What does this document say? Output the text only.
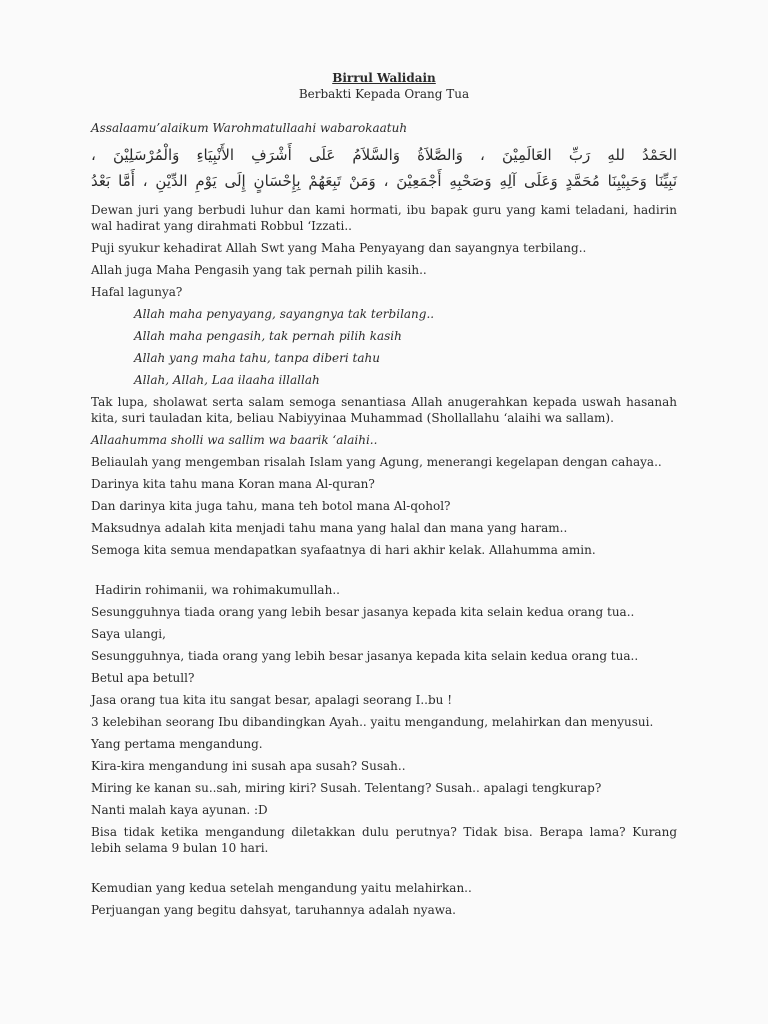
Birrul Walidain

Berbakti Kepada Orang Tua

Assalaamu’alaikum Warohmatullaahi wabarokaatuh

الحَمْدُ للهِ رَبِّ العَالَمِيْنَ ، وَالصَّلاَةُ وَالسَّلاَمُ عَلَى أَشْرَفِ الأَنْبِيَاءِ وَالْمُرْسَلِيْنَ ،

نَبِيِّنَا وَحَبِيْبِنَا مُحَمَّدٍ وَعَلَى آلِهِ وَصَحْبِهِ أَجْمَعِيْنَ ، وَمَنْ تَبِعَهُمْ بِإِحْسَانٍ إِلَى يَوْمِ الدِّيْنِ ، أَمَّا بَعْدُ

Dewan juri yang berbudi luhur dan kami hormati, ibu bapak guru yang kami teladani, hadirin wal hadirat yang dirahmati Robbul ‘Izzati..

Puji syukur kehadirat Allah Swt yang Maha Penyayang dan sayangnya terbilang..

Allah juga Maha Pengasih yang tak pernah pilih kasih..

Hafal lagunya?

Allah maha penyayang, sayangnya tak terbilang..

Allah maha pengasih, tak pernah pilih kasih

Allah yang maha tahu, tanpa diberi tahu

Allah, Allah, Laa ilaaha illallah

Tak lupa, sholawat serta salam semoga senantiasa Allah anugerahkan kepada uswah hasanah kita, suri tauladan kita, beliau Nabiyyinaa Muhammad (Shollallahu ‘alaihi wa sallam).

Allaahumma sholli wa sallim wa baarik ‘alaihi..

Beliaulah yang mengemban risalah Islam yang Agung, menerangi kegelapan dengan cahaya..

Darinya kita tahu mana Koran mana Al-quran?

Dan darinya kita juga tahu, mana teh botol mana Al-qohol?

Maksudnya adalah kita menjadi tahu mana yang halal dan mana yang haram..

Semoga kita semua mendapatkan syafaatnya di hari akhir kelak. Allahumma amin.

Hadirin rohimanii, wa rohimakumullah..

Sesungguhnya tiada orang yang lebih besar jasanya kepada kita selain kedua orang tua..

Saya ulangi,

Sesungguhnya, tiada orang yang lebih besar jasanya kepada kita selain kedua orang tua..

Betul apa betull?

Jasa orang tua kita itu sangat besar, apalagi seorang I..bu !

3 kelebihan seorang Ibu dibandingkan Ayah.. yaitu mengandung, melahirkan dan menyusui.

Yang pertama mengandung.

Kira-kira mengandung ini susah apa susah? Susah..

Miring ke kanan su..sah, miring kiri? Susah. Telentang? Susah.. apalagi tengkurap?

Nanti malah kaya ayunan. :D

Bisa tidak ketika mengandung diletakkan dulu perutnya? Tidak bisa. Berapa lama? Kurang lebih selama 9 bulan 10 hari.

Kemudian yang kedua setelah mengandung yaitu melahirkan..

Perjuangan yang begitu dahsyat, taruhannya adalah nyawa.
